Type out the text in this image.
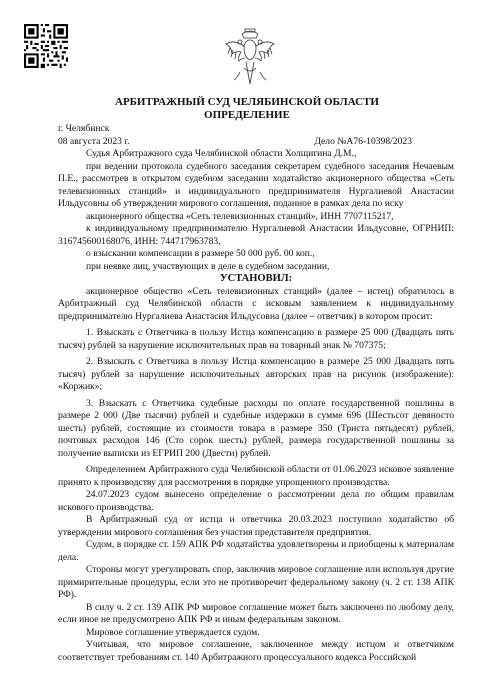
АРБИТРАЖНЫЙ СУД ЧЕЛЯБИНСКОЙ ОБЛАСТИ
ОПРЕДЕЛЕНИЕ

г. Челябинск

08 августа 2023 г.	Дело №А76-10398/2023

Судья Арбитражного суда Челябинской области Холщигина Д.М.,

при ведении протокола судебного заседания секретарем судебного заседания Нечаевым П.Е., рассмотрев в открытом судебном заседании ходатайство акционерного общества «Сеть телевизионных станций» и индивидуального предпринимателя Нургалиевой Анастасии Ильдусовны об утверждении мирового соглашения, поданное в рамках дела по иску

акционерного общества «Сеть телевизионных станций», ИНН 7707115217,

к индивидуальному предпринимателю Нургалиевой Анастасии Ильдусовне, ОГРНИП: 316745600168076, ИНН: 744717963783,

о взыскании компенсации в размере 50 000 руб. 00 коп.,

при неявке лиц, участвующих в деле в судебном заседании,

УСТАНОВИЛ:

акционерное общество «Сеть телевизионных станций» (далее – истец) обратилось в Арбитражный суд Челябинской области с исковым заявлением к индивидуальному предпринимателю Нургалиева Анастасия Ильдусовна (далее – ответчик) в котором просит:

1. Взыскать с Ответчика в пользу Истца компенсацию в размере 25 000 (Двадцать пять тысяч) рублей за нарушение исключительных прав на товарный знак № 707375;

2. Взыскать с Ответчика в пользу Истца компенсацию в размере 25 000 Двадцать пять тысяч) рублей за нарушение исключительных авторских прав на рисунок (изображение): «Коржик»;

3. Взыскать с Ответчика судебные расходы по оплате государственной пошлины в размере 2 000 (Две тысячи) рублей и судебные издержки в сумме 696 (Шестьсот девяносто шесть) рублей, состоящие из стоимости товара в размере 350 (Триста пятьдесят) рублей, почтовых расходов 146 (Сто сорок шесть) рублей, размера государственной пошлины за получение выписки из ЕГРИП 200 (Двести) рублей.

Определением Арбитражного суда Челябинской области от 01.06.2023 исковое заявление принято к производству для рассмотрения в порядке упрощенного производства.

24.07.2023 судом вынесено определение о рассмотрении дела по общим правилам искового производства.

В Арбитражный суд от истца и ответчика 20.03.2023 поступило ходатайство об утверждении мирового соглашения без участия представителя предприятия.

Судом, в порядке ст. 159 АПК РФ ходатайства удовлетворены и приобщены к материалам дела.

Стороны могут урегулировать спор, заключив мировое соглашение или используя другие примирительные процедуры, если это не противоречит федеральному закону (ч. 2 ст. 138 АПК РФ).

В силу ч. 2 ст. 139 АПК РФ мировое соглашение может быть заключено по любому делу, если иное не предусмотрено АПК РФ и иным федеральным законом.

Мировое соглашение утверждается судом.

Учитывая, что мировое соглашение, заключенное между истцом и ответчиком соответствует требованиям ст. 140 Арбитражного процессуального кодекса Российской
